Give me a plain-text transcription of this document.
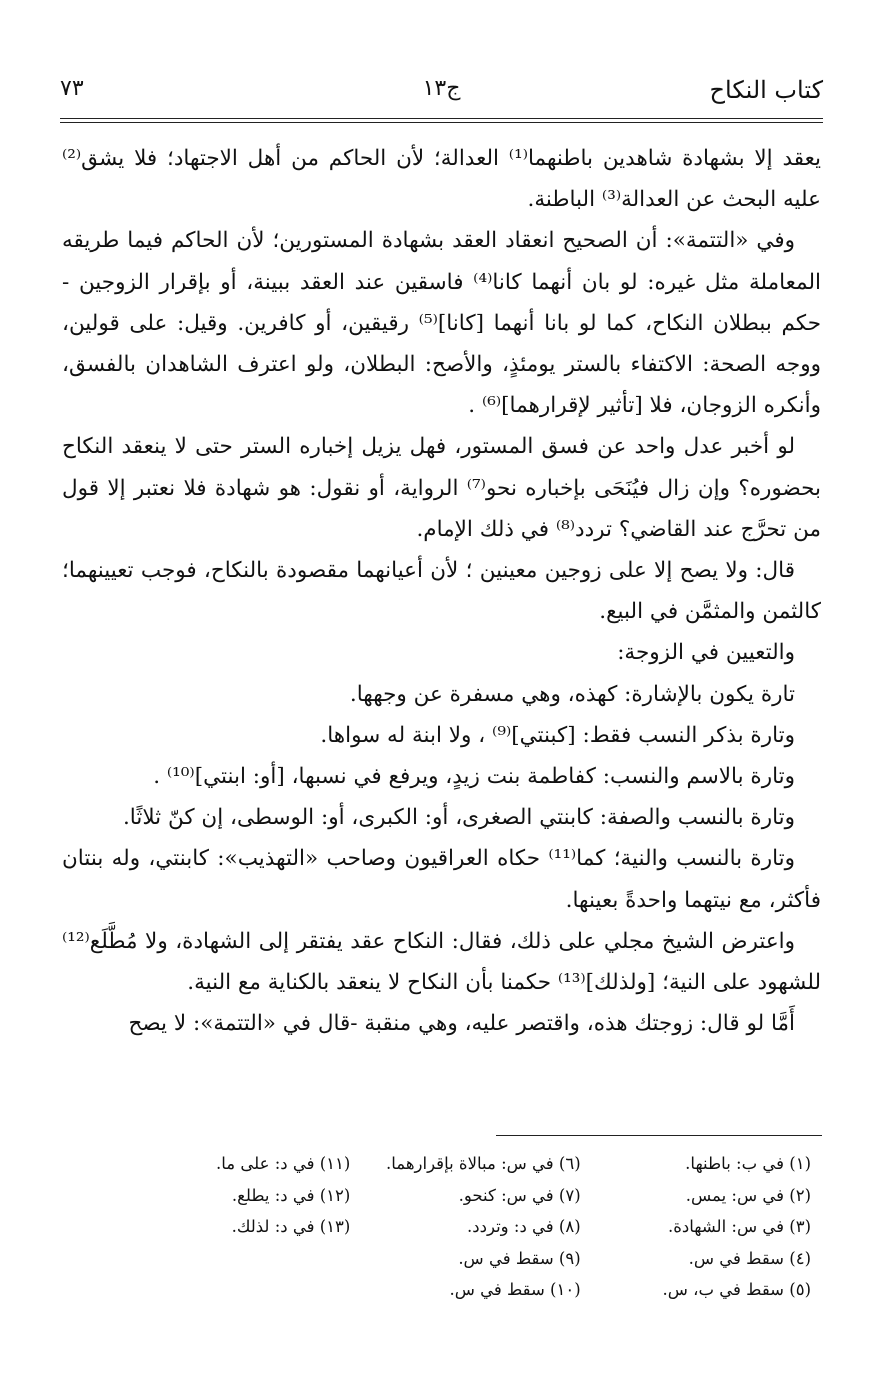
كتاب النكاح
ج١٣
٧٣

يعقد إلا بشهادة شاهدين باطنهما⁽¹⁾ العدالة؛ لأن الحاكم من أهل الاجتهاد؛ فلا يشق⁽²⁾ عليه البحث عن العدالة⁽³⁾ الباطنة.

وفي «التتمة»: أن الصحيح انعقاد العقد بشهادة المستورين؛ لأن الحاكم فيما طريقه المعاملة مثل غيره: لو بان أنهما كانا⁽⁴⁾ فاسقين عند العقد ببينة، أو بإقرار الزوجين - حكم ببطلان النكاح، كما لو بانا أنهما [كانا]⁽⁵⁾ رقيقين، أو كافرين. وقيل: على قولين، ووجه الصحة: الاكتفاء بالستر يومئذٍ، والأصح: البطلان، ولو اعترف الشاهدان بالفسق، وأنكره الزوجان، فلا [تأثير لإقرارهما]⁽⁶⁾ .

لو أخبر عدل واحد عن فسق المستور، فهل يزيل إخباره الستر حتى لا ينعقد النكاح بحضوره؟ وإن زال فيُنَحَى بإخباره نحو⁽⁷⁾ الرواية، أو نقول: هو شهادة فلا نعتبر إلا قول من تحرَّج عند القاضي؟ تردد⁽⁸⁾ في ذلك الإمام.

قال: ولا يصح إلا على زوجين معينين ؛ لأن أعيانهما مقصودة بالنكاح، فوجب تعيينهما؛ كالثمن والمثمَّن في البيع.

والتعيين في الزوجة:

تارة يكون بالإشارة: كهذه، وهي مسفرة عن وجهها.

وتارة بذكر النسب فقط: [كبنتي]⁽⁹⁾ ، ولا ابنة له سواها.

وتارة بالاسم والنسب: كفاطمة بنت زيدٍ، ويرفع في نسبها، [أو: ابنتي]⁽¹⁰⁾ .

وتارة بالنسب والصفة: كابنتي الصغرى، أو: الكبرى، أو: الوسطى، إن كنّ ثلاثًا.

وتارة بالنسب والنية؛ كما⁽¹¹⁾ حكاه العراقيون وصاحب «التهذيب»: كابنتي، وله بنتان فأكثر، مع نيتهما واحدةً بعينها.

واعترض الشيخ مجلي على ذلك، فقال: النكاح عقد يفتقر إلى الشهادة، ولا مُطَّلَع⁽¹²⁾ للشهود على النية؛ [ولذلك]⁽¹³⁾ حكمنا بأن النكاح لا ينعقد بالكناية مع النية.

أَمَّا لو قال: زوجتك هذه، واقتصر عليه، وهي منقبة -قال في «التتمة»: لا يصح

(١) في ب: باطنها.
(٢) في س: يمس.
(٣) في س: الشهادة.
(٤) سقط في س.
(٥) سقط في ب، س.
(٦) في س: مبالاة بإقرارهما.
(٧) في س: كنحو.
(٨) في د: وتردد.
(٩) سقط في س.
(١٠) سقط في س.
(١١) في د: على ما.
(١٢) في د: يطلع.
(١٣) في د: لذلك.
